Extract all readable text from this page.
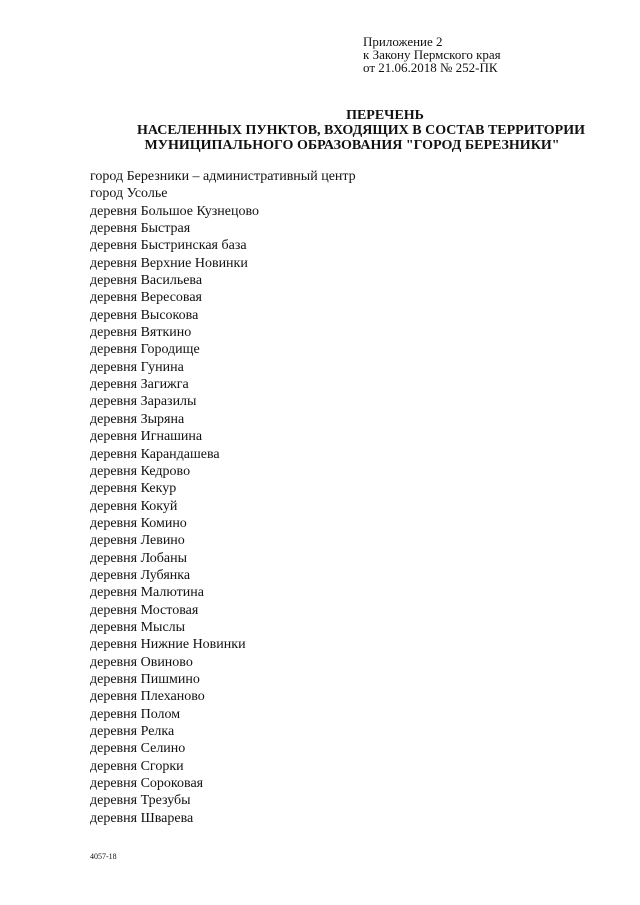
Приложение 2
к Закону Пермского края
от 21.06.2018 № 252-ПК
ПЕРЕЧЕНЬ
НАСЕЛЕННЫХ ПУНКТОВ, ВХОДЯЩИХ В СОСТАВ ТЕРРИТОРИИ
МУНИЦИПАЛЬНОГО ОБРАЗОВАНИЯ "ГОРОД БЕРЕЗНИКИ"
город Березники – административный центр
город Усолье
деревня Большое Кузнецово
деревня Быстрая
деревня Быстринская база
деревня Верхние Новинки
деревня Васильева
деревня Вересовая
деревня Высокова
деревня Вяткино
деревня Городище
деревня Гунина
деревня Загижга
деревня Заразилы
деревня Зыряна
деревня Игнашина
деревня Карандашева
деревня Кедрово
деревня Кекур
деревня Кокуй
деревня Комино
деревня Левино
деревня Лобаны
деревня Лубянка
деревня Малютина
деревня Мостовая
деревня Мыслы
деревня Нижние Новинки
деревня Овиново
деревня Пишмино
деревня Плеханово
деревня Полом
деревня Релка
деревня Селино
деревня Сгорки
деревня Сороковая
деревня Трезубы
деревня Шварева
4057-18
